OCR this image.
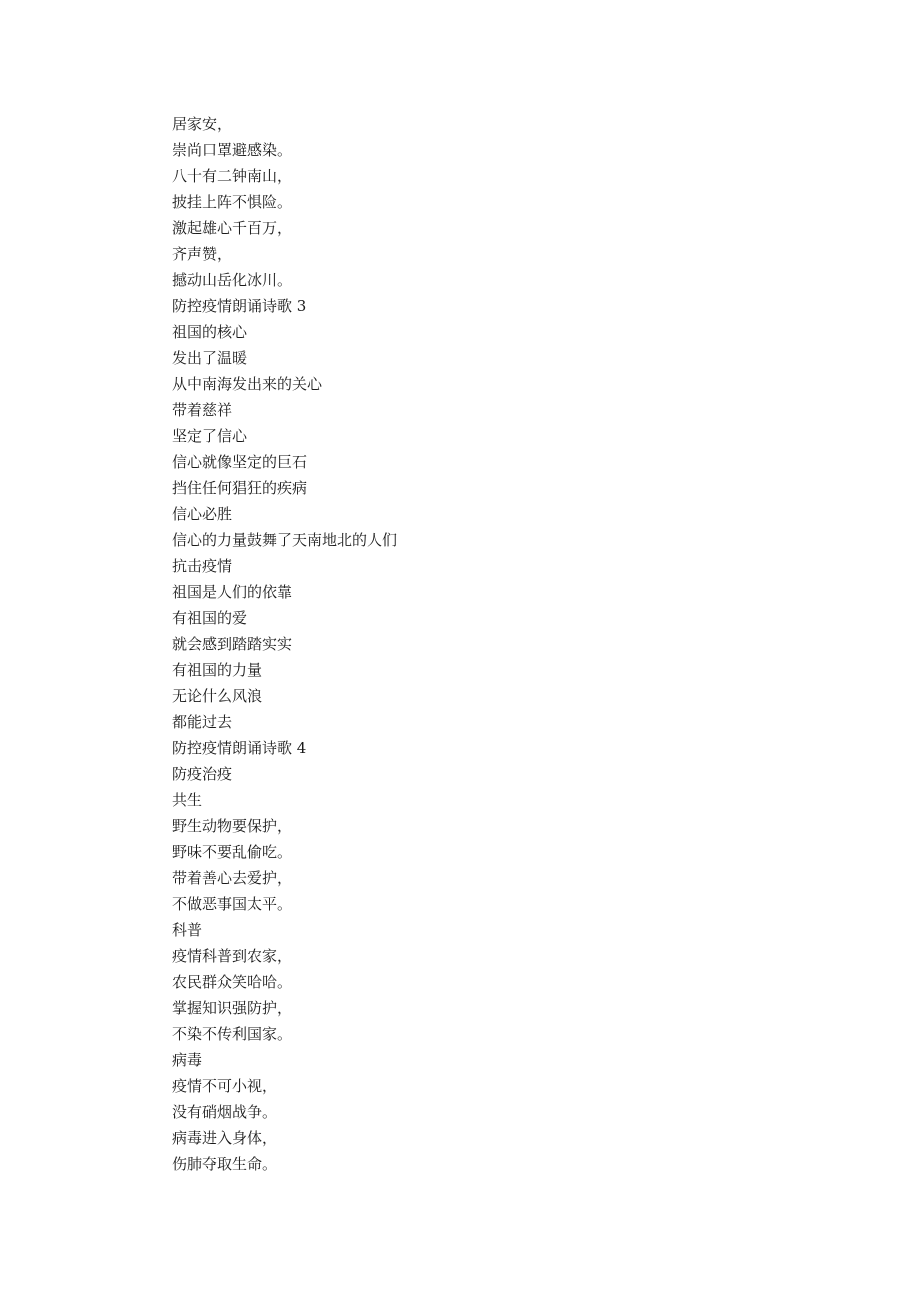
居家安，
崇尚口罩避感染。
八十有二钟南山，
披挂上阵不惧险。
激起雄心千百万，
齐声赞，
撼动山岳化冰川。
防控疫情朗诵诗歌 3
祖国的核心
发出了温暖
从中南海发出来的关心
带着慈祥
坚定了信心
信心就像坚定的巨石
挡住任何猖狂的疾病
信心必胜
信心的力量鼓舞了天南地北的人们
抗击疫情
祖国是人们的依靠
有祖国的爱
就会感到踏踏实实
有祖国的力量
无论什么风浪
都能过去
防控疫情朗诵诗歌 4
防疫治疫
共生
野生动物要保护，
野味不要乱偷吃。
带着善心去爱护，
不做恶事国太平。
科普
疫情科普到农家，
农民群众笑哈哈。
掌握知识强防护，
不染不传利国家。
病毒
疫情不可小视，
没有硝烟战争。
病毒进入身体，
伤肺夺取生命。
